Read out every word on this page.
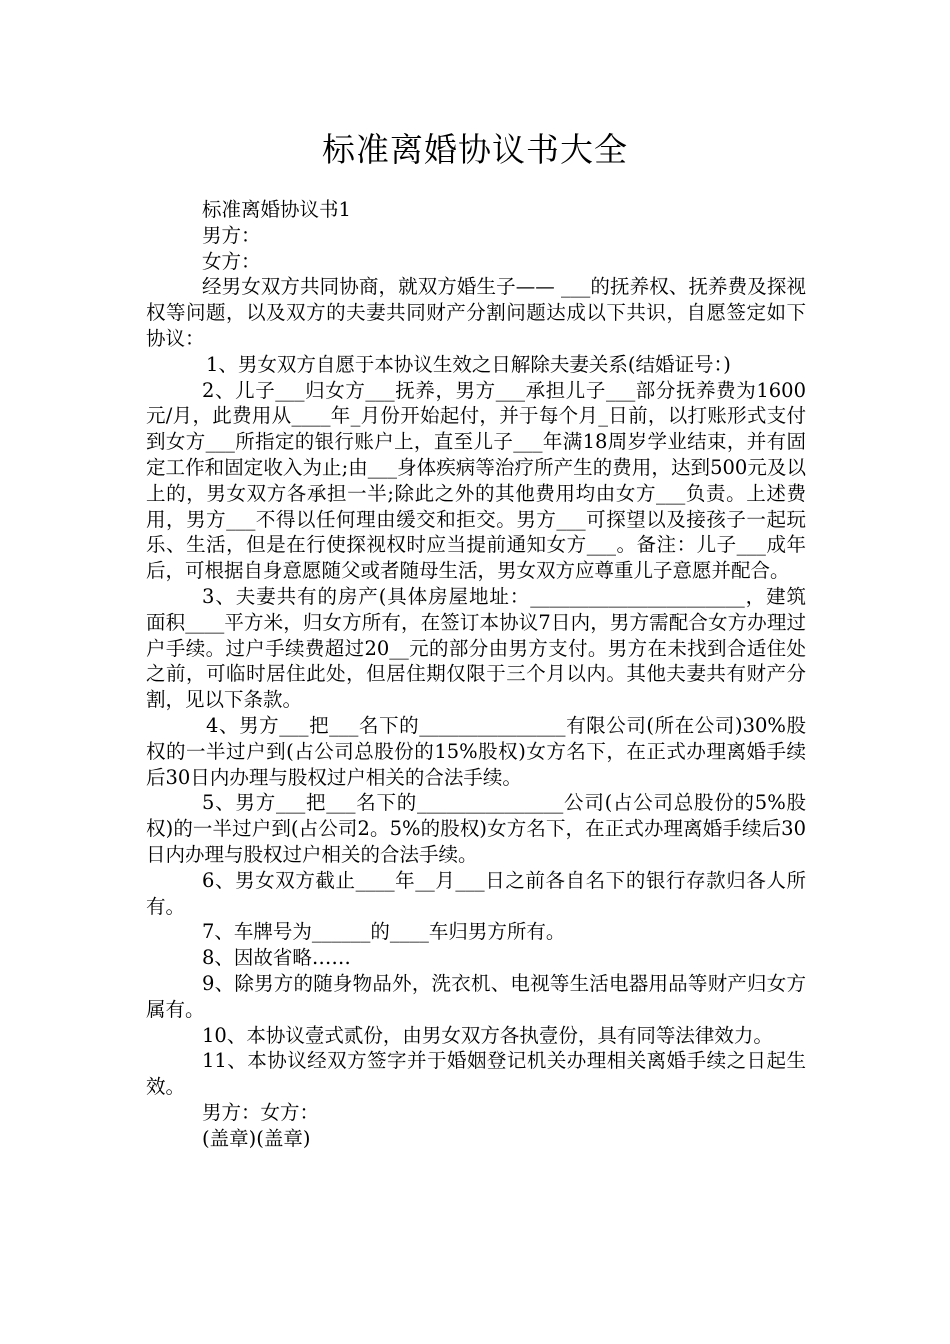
标准离婚协议书大全

标准离婚协议书1

男方：

女方：

经男女双方共同协商，就双方婚生子—— ___的抚养权、抚养费及探视权等问题，以及双方的夫妻共同财产分割问题达成以下共识，自愿签定如下协议：

1、男女双方自愿于本协议生效之日解除夫妻关系(结婚证号：)

2、儿子___归女方___抚养，男方___承担儿子___部分抚养费为1600元/月，此费用从____年_月份开始起付，并于每个月_日前，以打账形式支付到女方___所指定的银行账户上，直至儿子___年满18周岁学业结束，并有固定工作和固定收入为止;由___身体疾病等治疗所产生的费用，达到500元及以上的，男女双方各承担一半;除此之外的其他费用均由女方___负责。上述费用，男方___不得以任何理由缓交和拒交。男方___可探望以及接孩子一起玩乐、生活，但是在行使探视权时应当提前通知女方___。备注：儿子___成年后，可根据自身意愿随父或者随母生活，男女双方应尊重儿子意愿并配合。

3、夫妻共有的房产(具体房屋地址：______________________，建筑面积____平方米，归女方所有，在签订本协议7日内，男方需配合女方办理过户手续。过户手续费超过20__元的部分由男方支付。男方在未找到合适住处之前，可临时居住此处，但居住期仅限于三个月以内。其他夫妻共有财产分割，见以下条款。

4、男方___把___名下的_______________有限公司(所在公司)30%股权的一半过户到(占公司总股份的15%股权)女方名下，在正式办理离婚手续后30日内办理与股权过户相关的合法手续。

5、男方___把___名下的_______________公司(占公司总股份的5%股权)的一半过户到(占公司2。5%的股权)女方名下，在正式办理离婚手续后30日内办理与股权过户相关的合法手续。

6、男女双方截止____年__月___日之前各自名下的银行存款归各人所有。

7、车牌号为______的____车归男方所有。

8、因故省略……

9、除男方的随身物品外，洗衣机、电视等生活电器用品等财产归女方属有。

10、本协议壹式贰份，由男女双方各执壹份，具有同等法律效力。

11、本协议经双方签字并于婚姻登记机关办理相关离婚手续之日起生效。

男方：女方：

(盖章)(盖章)
